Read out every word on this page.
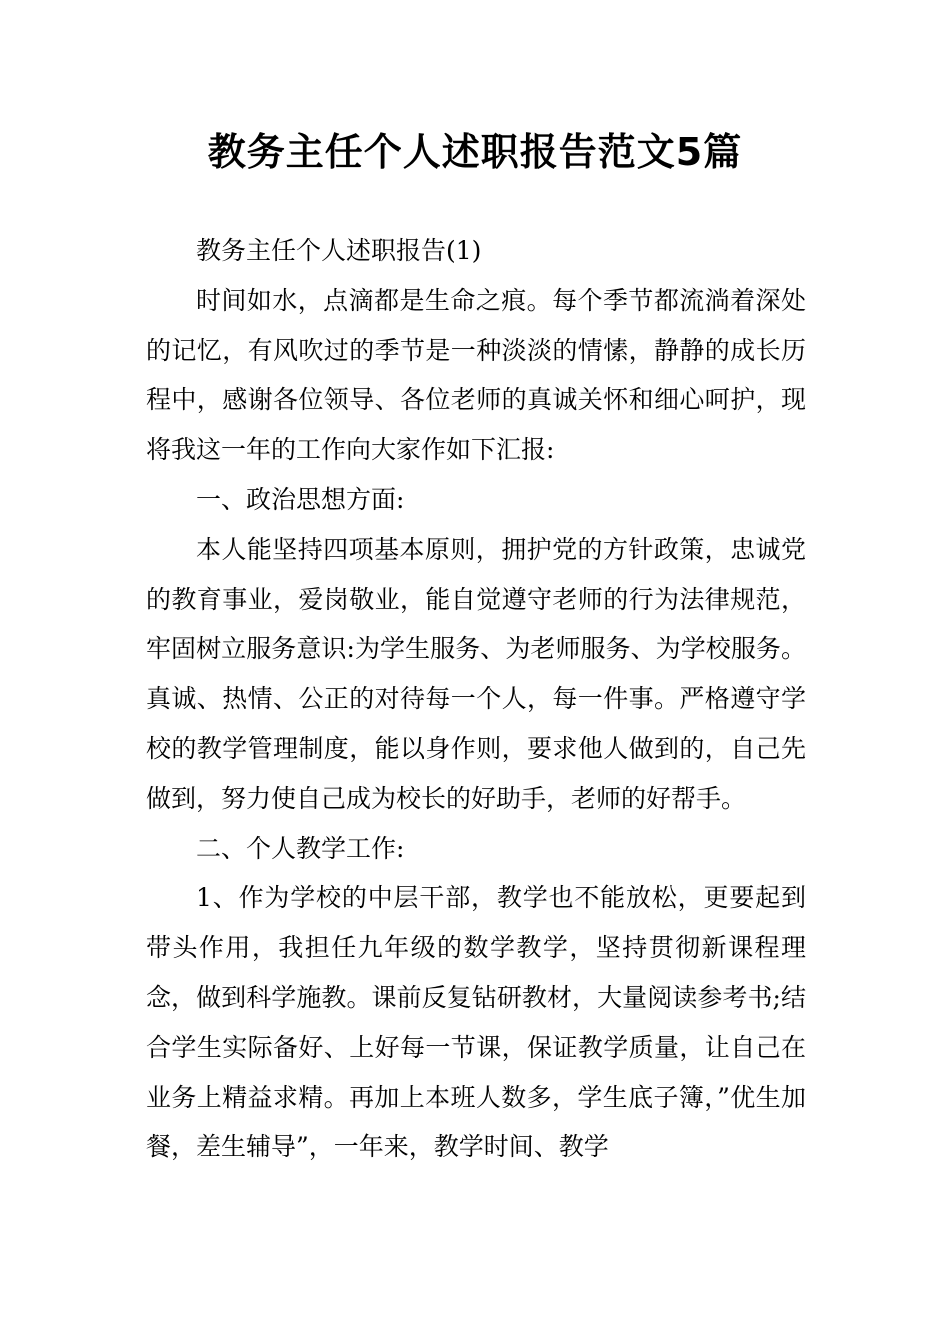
教务主任个人述职报告范文5篇

教务主任个人述职报告(1)

时间如水，点滴都是生命之痕。每个季节都流淌着深处的记忆，有风吹过的季节是一种淡淡的情愫，静静的成长历程中，感谢各位领导、各位老师的真诚关怀和细心呵护，现将我这一年的工作向大家作如下汇报:

一、政治思想方面:

本人能坚持四项基本原则，拥护党的方针政策，忠诚党的教育事业，爱岗敬业，能自觉遵守老师的行为法律规范，牢固树立服务意识:为学生服务、为老师服务、为学校服务。真诚、热情、公正的对待每一个人，每一件事。严格遵守学校的教学管理制度，能以身作则，要求他人做到的，自己先做到，努力使自己成为校长的好助手，老师的好帮手。

二、个人教学工作:

1、作为学校的中层干部，教学也不能放松，更要起到带头作用，我担任九年级的数学教学，坚持贯彻新课程理念，做到科学施教。课前反复钻研教材，大量阅读参考书;结合学生实际备好、上好每一节课，保证教学质量，让自己在业务上精益求精。再加上本班人数多，学生底子簿，”优生加餐，差生辅导”，一年来，教学时间、教学
